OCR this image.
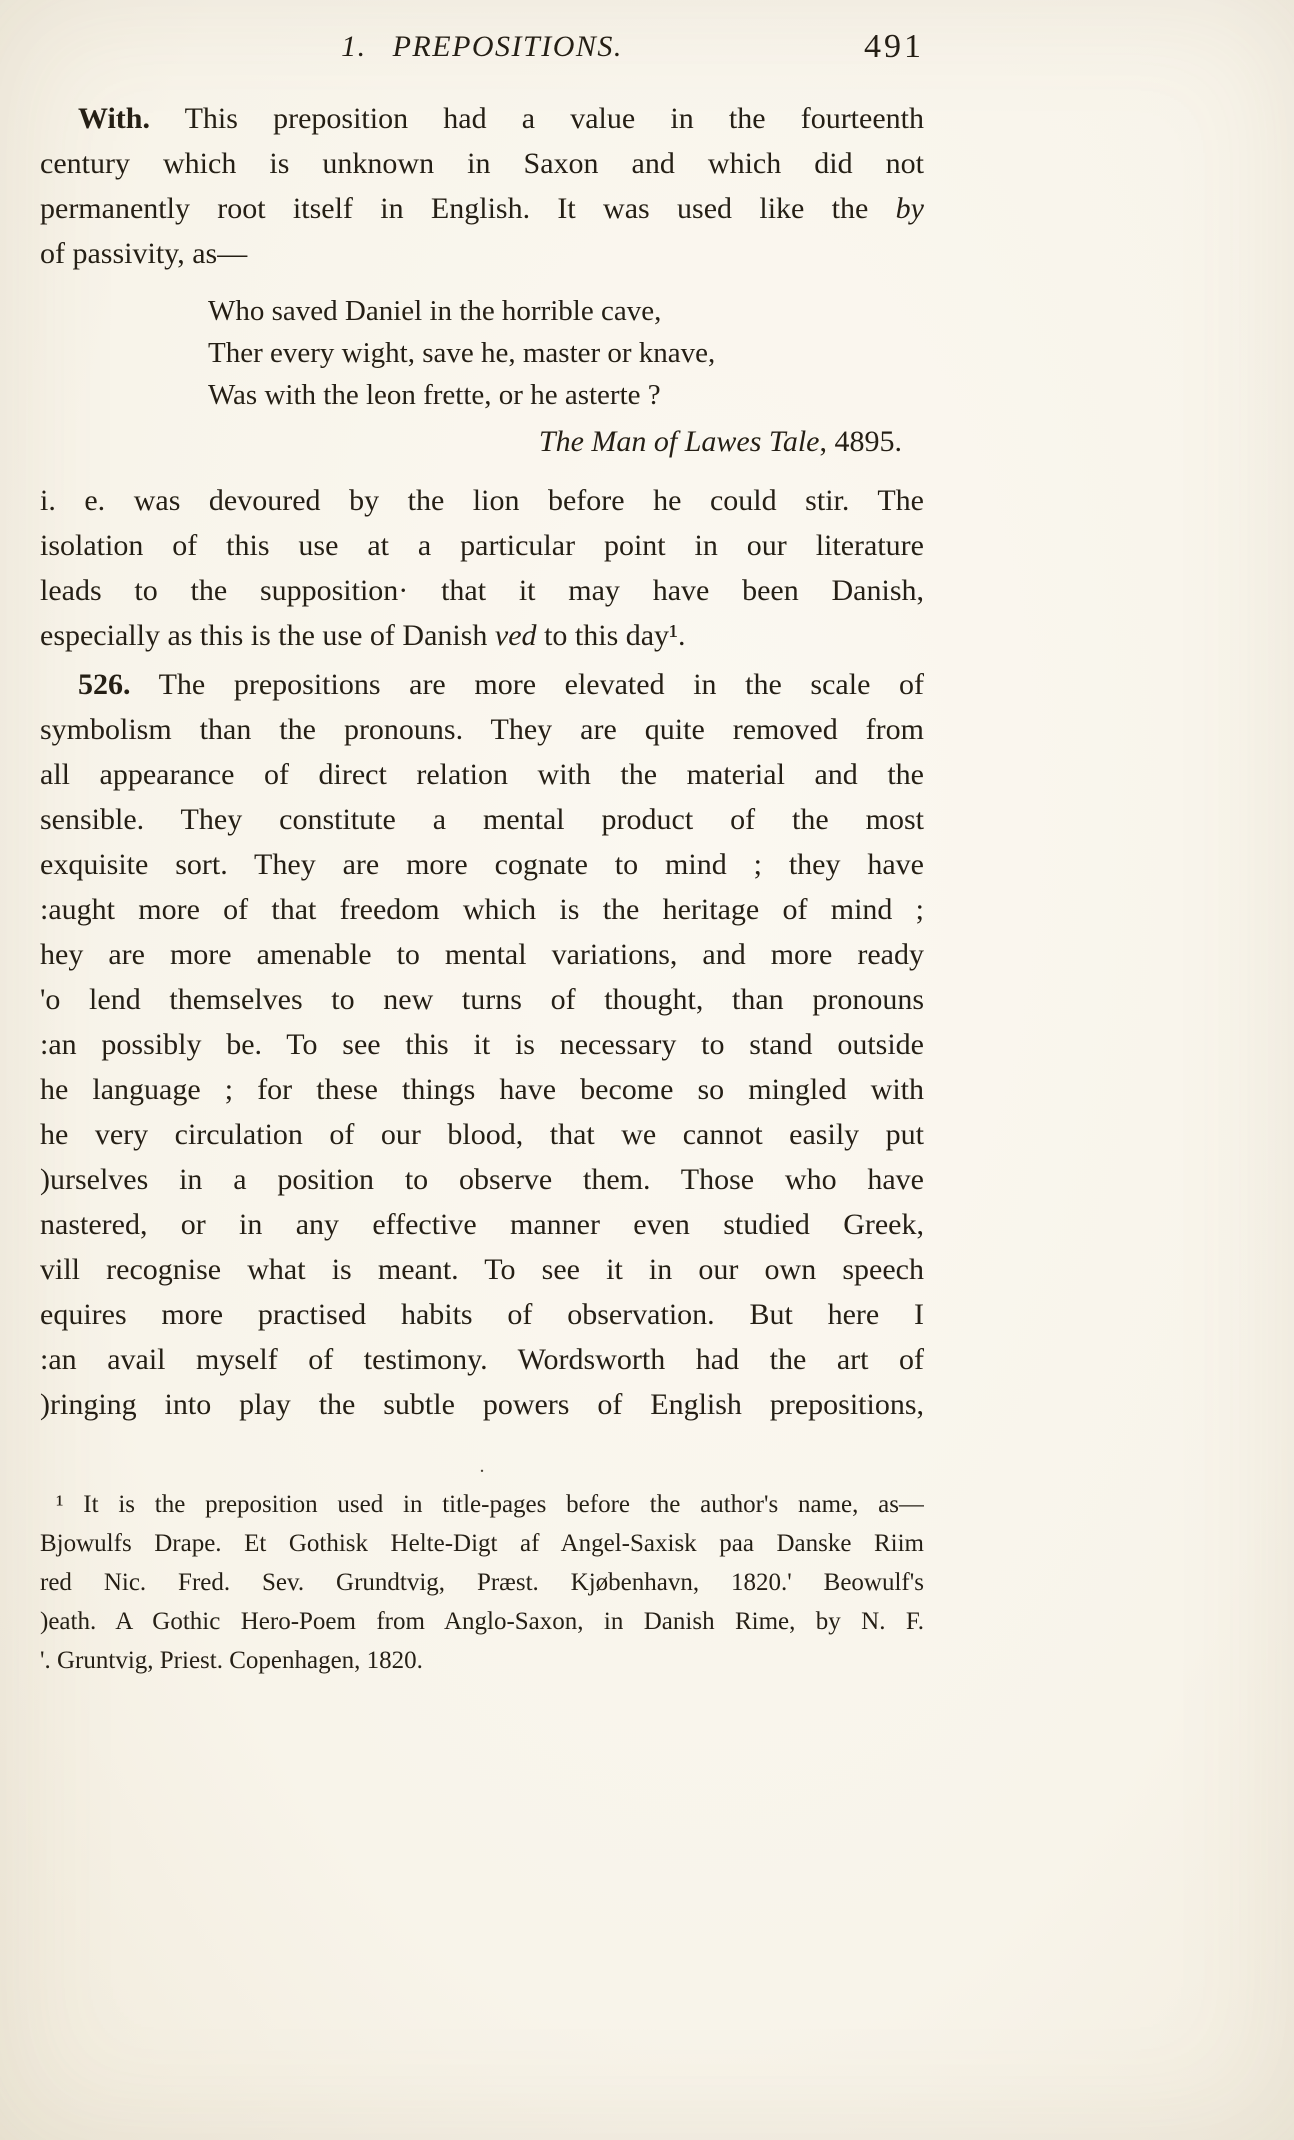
1. PREPOSITIONS.	491
With. This preposition had a value in the fourteenth
century which is unknown in Saxon and which did not
permanently root itself in English. It was used like the by
of passivity, as—
Who saved Daniel in the horrible cave,
Ther every wight, save he, master or knave,
Was with the leon frette, or he asterte ?
The Man of Lawes Tale, 4895.
i. e. was devoured by the lion before he could stir. The
isolation of this use at a particular point in our literature
leads to the supposition· that it may have been Danish,
especially as this is the use of Danish ved to this day¹.
526. The prepositions are more elevated in the scale of
symbolism than the pronouns. They are quite removed from
all appearance of direct relation with the material and the
sensible. They constitute a mental product of the most
exquisite sort. They are more cognate to mind ; they have
:aught more of that freedom which is the heritage of mind ;
hey are more amenable to mental variations, and more ready
'o lend themselves to new turns of thought, than pronouns
:an possibly be. To see this it is necessary to stand outside
he language ; for these things have become so mingled with
he very circulation of our blood, that we cannot easily put
)urselves in a position to observe them. Those who have
nastered, or in any effective manner even studied Greek,
vill recognise what is meant. To see it in our own speech
equires more practised habits of observation. But here I
:an avail myself of testimony. Wordsworth had the art of
)ringing into play the subtle powers of English prepositions,
.
¹ It is the preposition used in title-pages before the author's name, as—
Bjowulfs Drape. Et Gothisk Helte-Digt af Angel-Saxisk paa Danske Riim
red Nic. Fred. Sev. Grundtvig, Præst. Kjøbenhavn, 1820.' Beowulf's
)eath. A Gothic Hero-Poem from Anglo-Saxon, in Danish Rime, by N. F.
'. Gruntvig, Priest. Copenhagen, 1820.
